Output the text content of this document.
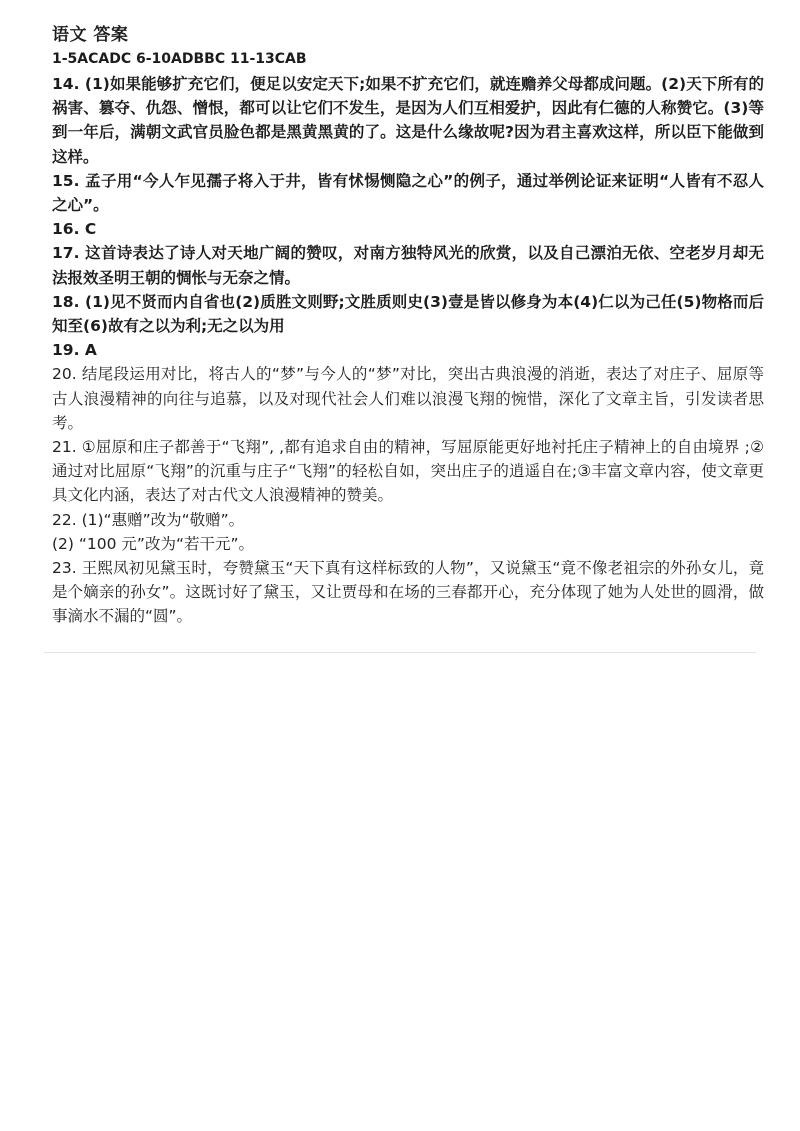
语文 答案

1-5ACADC 6-10ADBBC 11-13CAB

14. (1)如果能够扩充它们，便足以安定天下;如果不扩充它们，就连赡养父母都成问题。(2)天下所有的祸害、篡夺、仇怨、憎恨，都可以让它们不发生，是因为人们互相爱护，因此有仁德的人称赞它。(3)等到一年后，满朝文武官员脸色都是黑黄黑黄的了。这是什么缘故呢?因为君主喜欢这样，所以臣下能做到这样。

15. 孟子用“今人乍见孺子将入于井，皆有怵惕恻隐之心”的例子，通过举例论证来证明“人皆有不忍人之心”。

16. C

17. 这首诗表达了诗人对天地广阔的赞叹，对南方独特风光的欣赏，以及自己漂泊无依、空老岁月却无法报效圣明王朝的惆怅与无奈之情。

18. (1)见不贤而内自省也(2)质胜文则野;文胜质则史(3)壹是皆以修身为本(4)仁以为己任(5)物格而后知至(6)故有之以为利;无之以为用

19. A

20. 结尾段运用对比，将古人的“梦”与今人的“梦”对比，突出古典浪漫的消逝，表达了对庄子、屈原等古人浪漫精神的向往与追慕，以及对现代社会人们难以浪漫飞翔的惋惜，深化了文章主旨，引发读者思考。

21. ①屈原和庄子都善于“飞翔”, ,都有追求自由的精神，写屈原能更好地衬托庄子精神上的自由境界 ;②通过对比屈原“飞翔”的沉重与庄子“飞翔”的轻松自如，突出庄子的逍遥自在;③丰富文章内容，使文章更具文化内涵，表达了对古代文人浪漫精神的赞美。

22. (1)“惠赠”改为“敬赠”。

(2) “100 元”改为“若干元”。

23. 王熙凤初见黛玉时，夸赞黛玉“天下真有这样标致的人物”，又说黛玉“竟不像老祖宗的外孙女儿，竟是个嫡亲的孙女”。这既讨好了黛玉，又让贾母和在场的三春都开心，充分体现了她为人处世的圆滑，做事滴水不漏的“圆”。
